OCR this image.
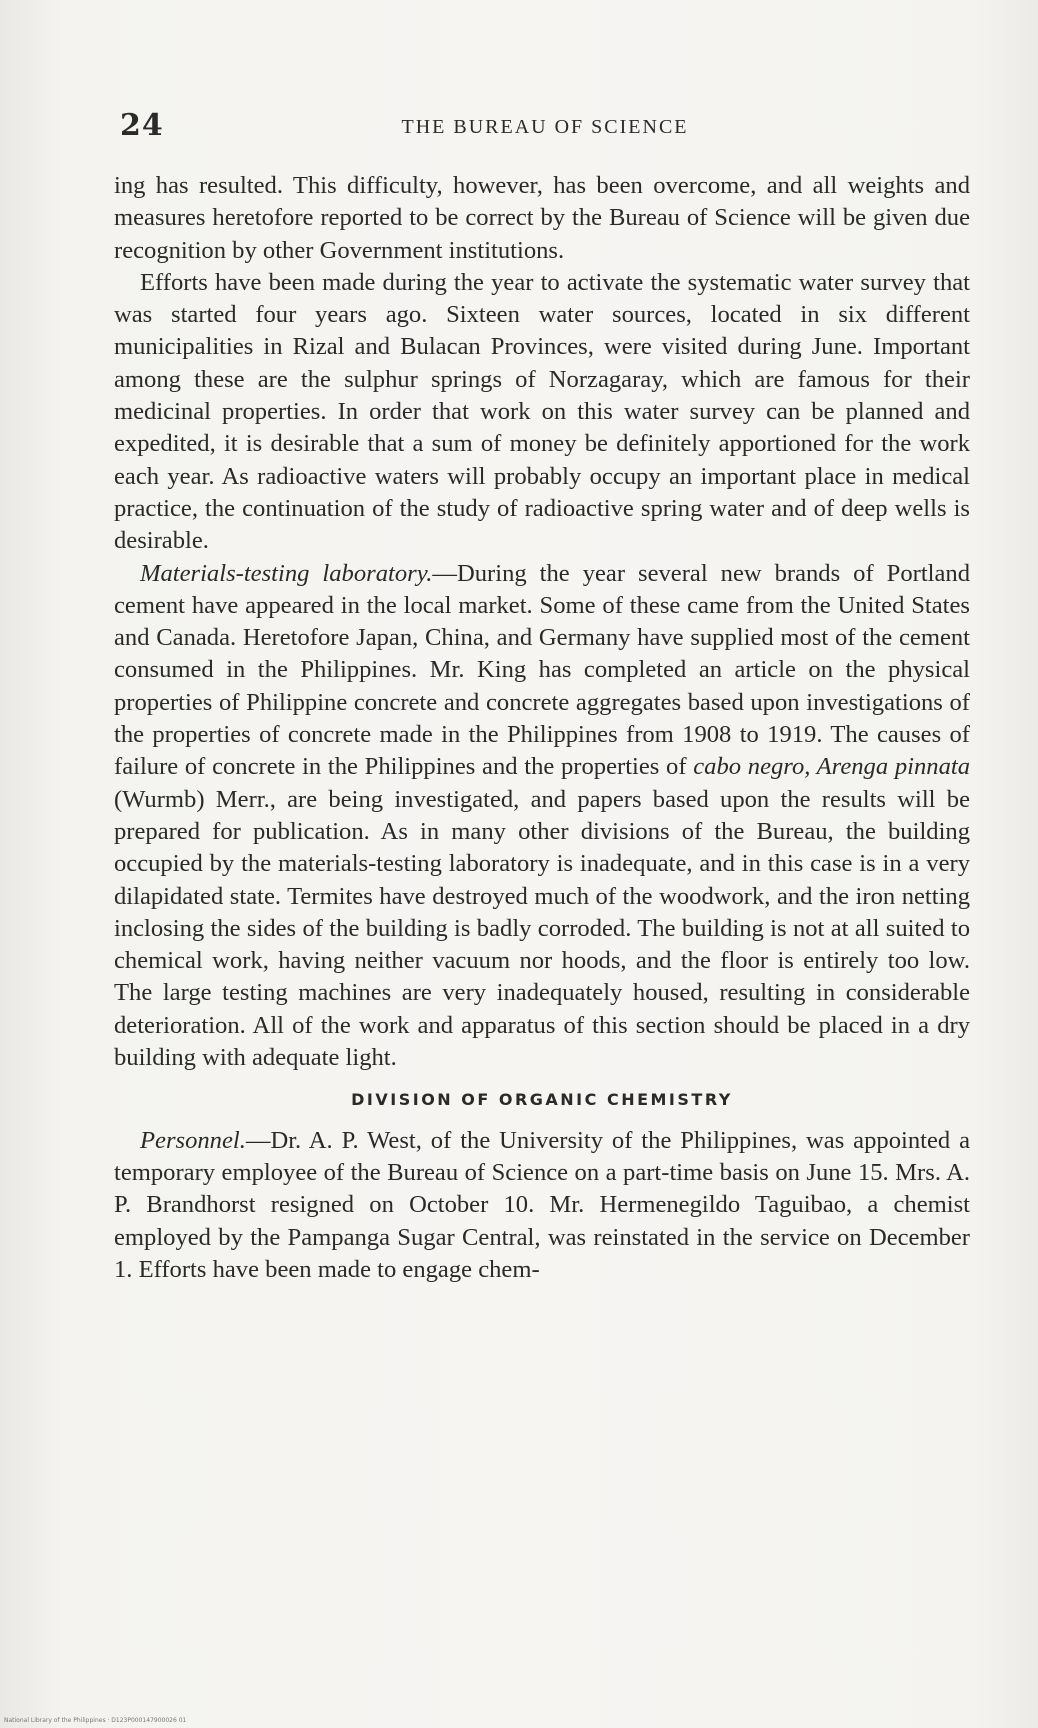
24	THE BUREAU OF SCIENCE

ing has resulted. This difficulty, however, has been overcome, and all weights and measures heretofore reported to be correct by the Bureau of Science will be given due recognition by other Government institutions.

Efforts have been made during the year to activate the systematic water survey that was started four years ago. Sixteen water sources, located in six different municipalities in Rizal and Bulacan Provinces, were visited during June. Important among these are the sulphur springs of Norzagaray, which are famous for their medicinal properties. In order that work on this water survey can be planned and expedited, it is desirable that a sum of money be definitely apportioned for the work each year. As radioactive waters will probably occupy an important place in medical practice, the continuation of the study of radioactive spring water and of deep wells is desirable.

Materials-testing laboratory.—During the year several new brands of Portland cement have appeared in the local market. Some of these came from the United States and Canada. Heretofore Japan, China, and Germany have supplied most of the cement consumed in the Philippines. Mr. King has completed an article on the physical properties of Philippine concrete and concrete aggregates based upon investigations of the properties of concrete made in the Philippines from 1908 to 1919. The causes of failure of concrete in the Philippines and the properties of cabo negro, Arenga pinnata (Wurmb) Merr., are being investigated, and papers based upon the results will be prepared for publication. As in many other divisions of the Bureau, the building occupied by the materials-testing laboratory is inadequate, and in this case is in a very dilapidated state. Termites have destroyed much of the woodwork, and the iron netting inclosing the sides of the building is badly corroded. The building is not at all suited to chemical work, having neither vacuum nor hoods, and the floor is entirely too low. The large testing machines are very inadequately housed, resulting in considerable deterioration. All of the work and apparatus of this section should be placed in a dry building with adequate light.

DIVISION OF ORGANIC CHEMISTRY

Personnel.—Dr. A. P. West, of the University of the Philippines, was appointed a temporary employee of the Bureau of Science on a part-time basis on June 15. Mrs. A. P. Brandhorst resigned on October 10. Mr. Hermenegildo Taguibao, a chemist employed by the Pampanga Sugar Central, was reinstated in the service on December 1. Efforts have been made to engage chem-

National Library of the Philippines · D123P000147900026 01
